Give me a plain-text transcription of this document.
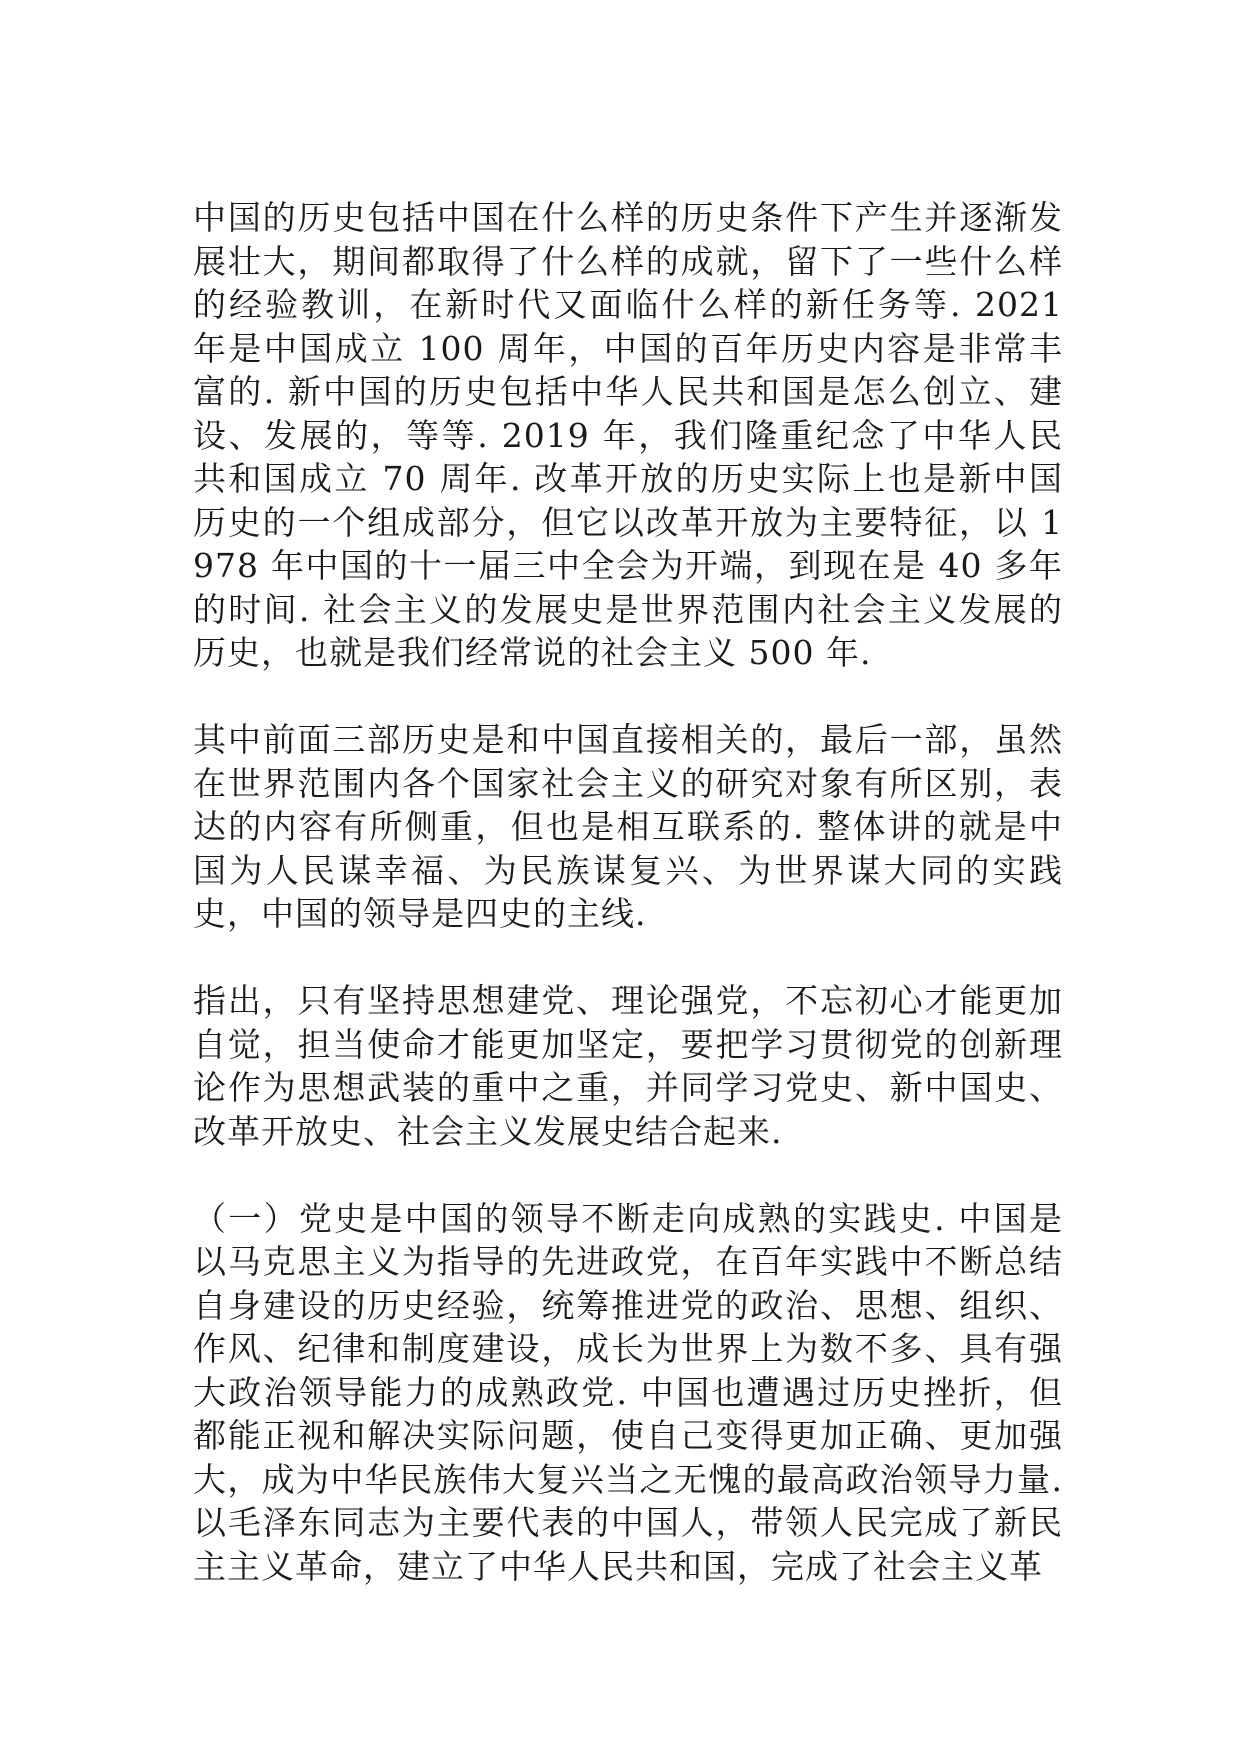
中国的历史包括中国在什么样的历史条件下产生并逐渐发展壮大，期间都取得了什么样的成就，留下了一些什么样的经验教训，在新时代又面临什么样的新任务等. 2021 年是中国成立 100 周年，中国的百年历史内容是非常丰富的. 新中国的历史包括中华人民共和国是怎么创立、建设、发展的，等等. 2019 年，我们隆重纪念了中华人民共和国成立 70 周年. 改革开放的历史实际上也是新中国历史的一个组成部分，但它以改革开放为主要特征，以 1978 年中国的十一届三中全会为开端，到现在是 40 多年的时间. 社会主义的发展史是世界范围内社会主义发展的历史，也就是我们经常说的社会主义 500 年.

其中前面三部历史是和中国直接相关的，最后一部，虽然在世界范围内各个国家社会主义的研究对象有所区别，表达的内容有所侧重，但也是相互联系的. 整体讲的就是中国为人民谋幸福、为民族谋复兴、为世界谋大同的实践史，中国的领导是四史的主线.

指出，只有坚持思想建党、理论强党，不忘初心才能更加自觉，担当使命才能更加坚定，要把学习贯彻党的创新理论作为思想武装的重中之重，并同学习党史、新中国史、改革开放史、社会主义发展史结合起来.

（一）党史是中国的领导不断走向成熟的实践史. 中国是以马克思主义为指导的先进政党，在百年实践中不断总结自身建设的历史经验，统筹推进党的政治、思想、组织、作风、纪律和制度建设，成长为世界上为数不多、具有强大政治领导能力的成熟政党. 中国也遭遇过历史挫折，但都能正视和解决实际问题，使自己变得更加正确、更加强大，成为中华民族伟大复兴当之无愧的最高政治领导力量. 以毛泽东同志为主要代表的中国人，带领人民完成了新民主主义革命，建立了中华人民共和国，完成了社会主义革
